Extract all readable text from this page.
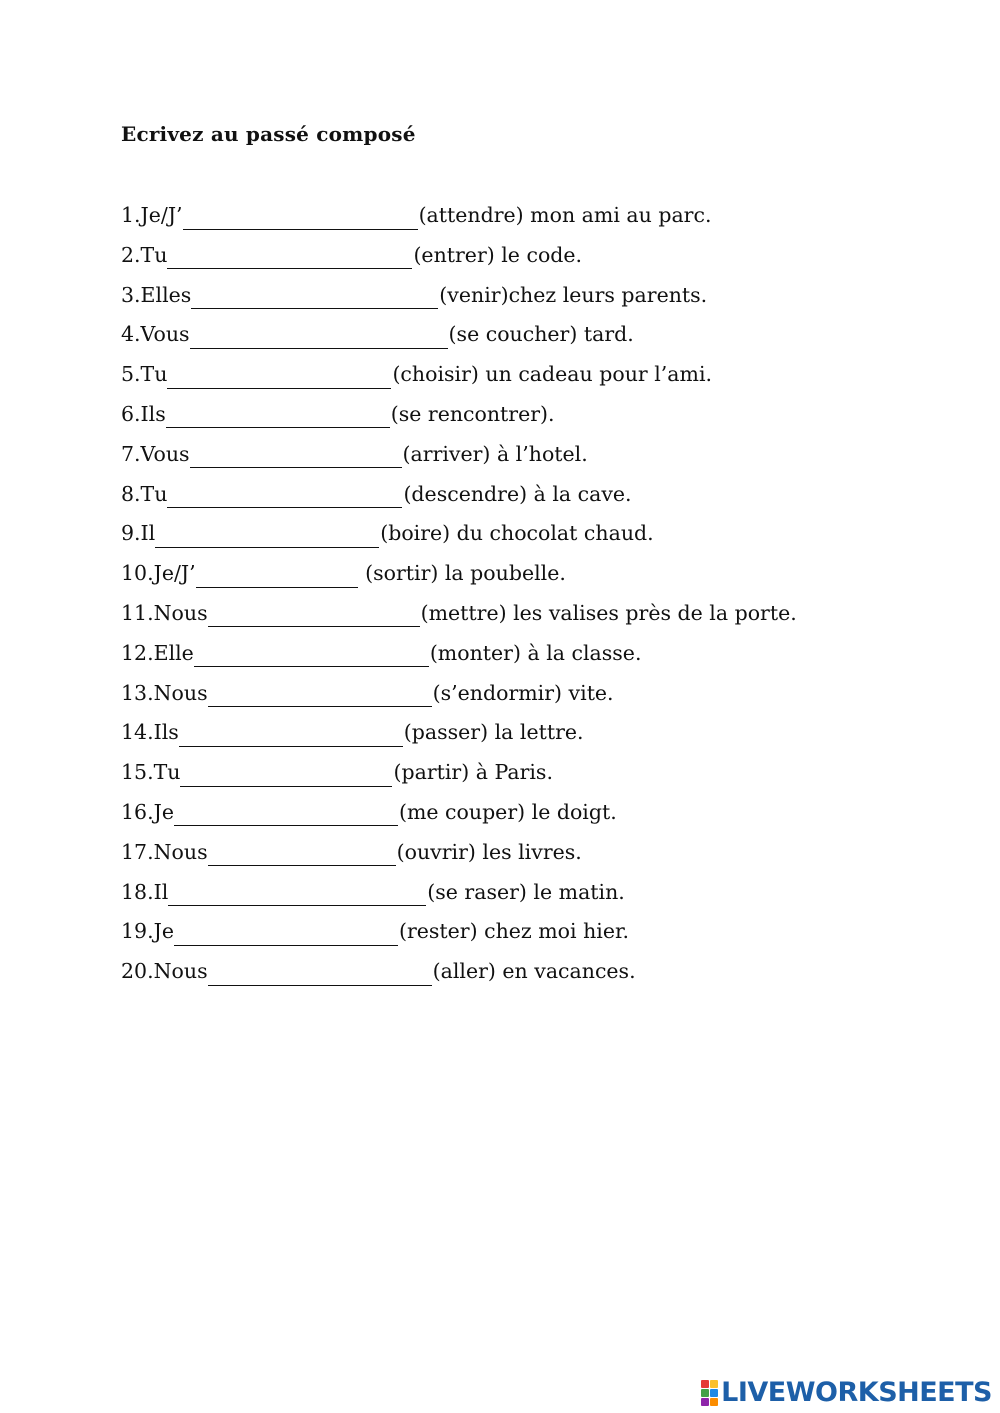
Ecrivez au passé composé
1.Je/J’	(attendre) mon ami au parc.
2.Tu	(entrer) le code.
3.Elles	(venir)chez leurs parents.
4.Vous	(se coucher) tard.
5.Tu	(choisir) un cadeau pour l’ami.
6.Ils	(se rencontrer).
7.Vous	(arriver) à l’hotel.
8.Tu	(descendre) à la cave.
9.Il	(boire) du chocolat chaud.
10.Je/J’	(sortir) la poubelle.
11.Nous	(mettre) les valises près de la porte.
12.Elle	(monter) à la classe.
13.Nous	(s’endormir) vite.
14.Ils	(passer) la lettre.
15.Tu	(partir) à Paris.
16.Je	(me couper) le doigt.
17.Nous	(ouvrir) les livres.
18.Il	(se raser) le matin.
19.Je	(rester) chez moi hier.
20.Nous	(aller) en vacances.
LIVEWORKSHEETS
